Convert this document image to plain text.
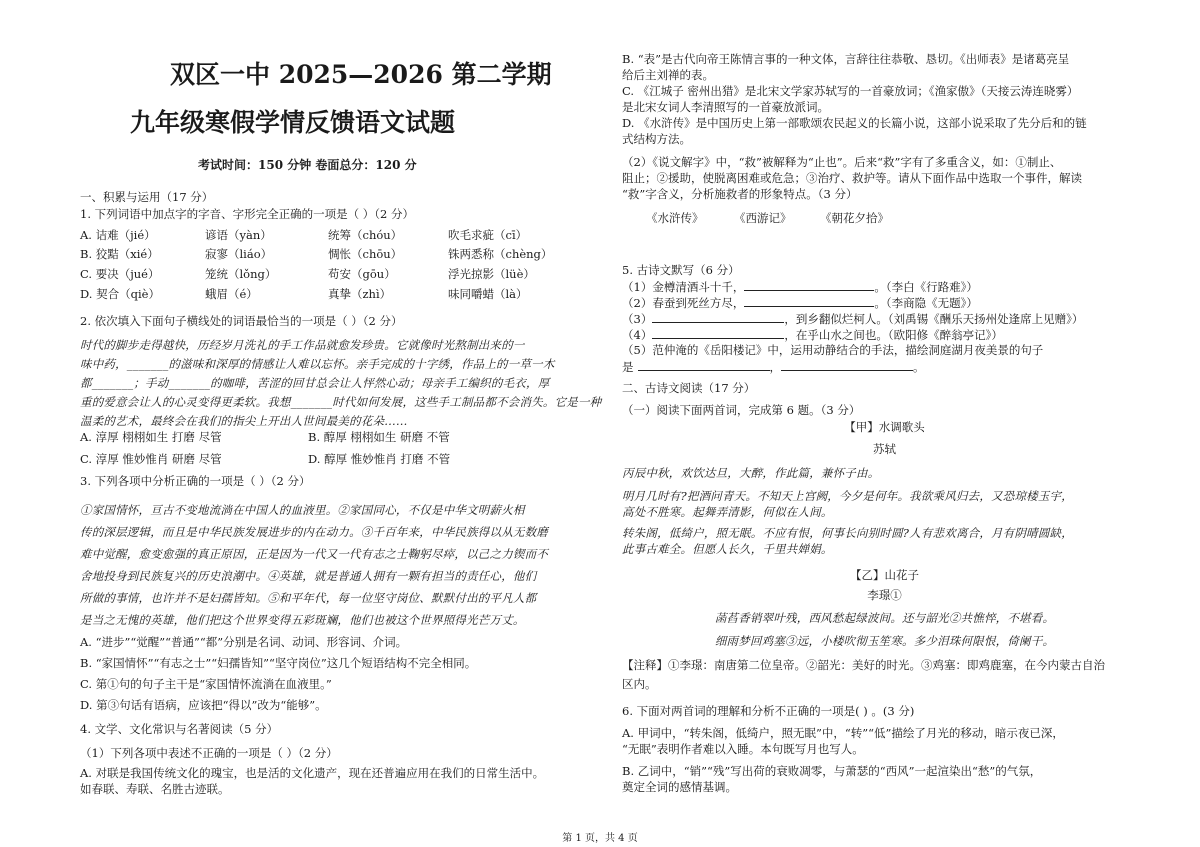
双区一中 2025—2026 第二学期
九年级寒假学情反馈语文试题
考试时间：150 分钟 卷面总分：120 分
一、积累与运用（17 分）
1. 下列词语中加点字的字音、字形完全正确的一项是（ ）（2 分）
A. 诘难（jié）	谚语（yàn）	统筹（chóu）	吹毛求疵（cī）
B. 狡黠（xié）	寂寥（liáo）	惆怅（chōu）	铢两悉称（chèng）
C. 要决（jué）	笼统（lǒng）	苟安（gōu）	浮光掠影（lüè）
D. 契合（qiè）	蛾眉（é）	真挚（zhì）	味同嚼蜡（là）
2. 依次填入下面句子横线处的词语最恰当的一项是（ ）（2 分）
时代的脚步走得越快，历经岁月洗礼的手工作品就愈发珍贵。它就像时光熬制出来的一
味中药，_______的滋味和深厚的情感让人难以忘怀。亲手完成的十字绣，作品上的一草一木
都_______；手动_______的咖啡，苦涩的回甘总会让人怦然心动；母亲手工编织的毛衣，厚
重的爱意会让人的心灵变得更柔软。我想_______时代如何发展，这些手工制品都不会消失。它是一种
温柔的艺术，最终会在我们的指尖上开出人世间最美的花朵……
A. 淳厚 栩栩如生 打磨 尽管	B. 醇厚 栩栩如生 研磨 不管
C. 淳厚 惟妙惟肖 研磨 尽管	D. 醇厚 惟妙惟肖 打磨 不管
3. 下列各项中分析正确的一项是（ ）（2 分）
①家国情怀，亘古不变地流淌在中国人的血液里。②家国同心，不仅是中华文明薪火相
传的深层逻辑，而且是中华民族发展进步的内在动力。③千百年来，中华民族得以从无数磨
难中觉醒，愈变愈强的真正原因，正是因为一代又一代有志之士鞠躬尽瘁，以己之力锲而不
舍地投身到民族复兴的历史浪潮中。④英雄，就是普通人拥有一颗有担当的责任心，他们
所做的事情，也许并不是妇孺皆知。⑤和平年代，每一位坚守岗位、默默付出的平凡人都
是当之无愧的英雄，他们把这个世界变得五彩斑斓，他们也被这个世界照得光芒万丈。
A. “进步”“觉醒”“普通”“都”分别是名词、动词、形容词、介词。
B. “家国情怀”“有志之士”“妇孺皆知”“坚守岗位”这几个短语结构不完全相同。
C. 第①句的句子主干是“家国情怀流淌在血液里。”
D. 第③句话有语病，应该把“得以”改为“能够”。
4. 文学、文化常识与名著阅读（5 分）
（1）下列各项中表述不正确的一项是（ ）（2 分）
A. 对联是我国传统文化的瑰宝，也是活的文化遗产，现在还普遍应用在我们的日常生活中。
如春联、寿联、名胜古迹联。
B. “表”是古代向帝王陈情言事的一种文体，言辞往往恭敬、恳切。《出师表》是诸葛亮呈
给后主刘禅的表。
C. 《江城子 密州出猎》是北宋文学家苏轼写的一首豪放词；《渔家傲》（天接云涛连晓雾）
是北宋女词人李清照写的一首豪放派词。
D. 《水浒传》是中国历史上第一部歌颂农民起义的长篇小说，这部小说采取了先分后和的链
式结构方法。
（2）《说文解字》中，“救”被解释为“止也”。后来“救”字有了多重含义，如：①制止、
阻止；②援助，使脱离困难或危急；③治疗、救护等。请从下面作品中选取一个事件，解读
“救”字含义，分析施救者的形象特点。（3 分）
《水浒传》	《西游记》 《朝花夕拾》
5. 古诗文默写（6 分）
（1）金樽清酒斗十千，	。（李白《行路难》）
（2）春蚕到死丝方尽，	。（李商隐《无题》）
（3）	，到乡翻似烂柯人。（刘禹锡《酬乐天扬州处逢席上见赠》）
（4）	，在乎山水之间也。（欧阳修《醉翁亭记》）
（5）范仲淹的《岳阳楼记》中，运用动静结合的手法，描绘洞庭湖月夜美景的句子
是	，	。
二、古诗文阅读（17 分）
（一）阅读下面两首词，完成第 6 题。（3 分）
【甲】水调歌头
苏轼
丙辰中秋，欢饮达旦，大醉，作此篇，兼怀子由。
明月几时有?把酒问青天。不知天上宫阙，今夕是何年。我欲乘风归去，又恐琼楼玉宇，
高处不胜寒。起舞弄清影，何似在人间。
转朱阁，低绮户，照无眠。不应有恨，何事长向别时圆?人有悲欢离合，月有阴晴圆缺，
此事古难全。但愿人长久，千里共婵娟。
【乙】山花子
李璟①
菡萏香销翠叶残，西风愁起绿波间。还与韶光②共憔悴，不堪看。
细雨梦回鸡塞③远，小楼吹彻玉笙寒。多少泪珠何限恨，倚阑干。
【注释】①李璟：南唐第二位皇帝。②韶光：美好的时光。③鸡塞：即鸡鹿塞，在今内蒙古自治
区内。
6. 下面对两首词的理解和分析不正确的一项是( ) 。(3 分)
A. 甲词中，“转朱阁，低绮户，照无眠”中，“转”“低”描绘了月光的移动，暗示夜已深，
“无眠”表明作者难以入睡。本句既写月也写人。
B. 乙词中，“销”“残”写出荷的衰败凋零，与萧瑟的“西风”一起渲染出“愁”的气氛，
奠定全词的感情基调。
第 1 页，共 4 页
